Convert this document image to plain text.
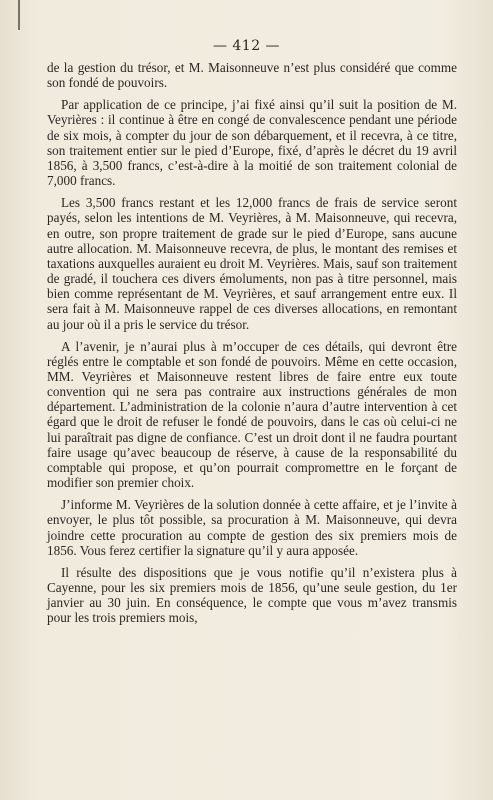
— 412 —

de la gestion du trésor, et M. Maisonneuve n’est plus considéré que comme son fondé de pouvoirs.

Par application de ce principe, j’ai fixé ainsi qu’il suit la position de M. Veyrières : il continue à être en congé de convalescence pendant une période de six mois, à compter du jour de son débarquement, et il recevra, à ce titre, son traitement entier sur le pied d’Europe, fixé, d’après le décret du 19 avril 1856, à 3,500 francs, c’est-à-dire à la moitié de son traitement colonial de 7,000 francs.

Les 3,500 francs restant et les 12,000 francs de frais de service seront payés, selon les intentions de M. Veyrières, à M. Maisonneuve, qui recevra, en outre, son propre traitement de grade sur le pied d’Europe, sans aucune autre allocation. M. Maisonneuve recevra, de plus, le montant des remises et taxations auxquelles auraient eu droit M. Veyrières. Mais, sauf son traitement de gradé, il touchera ces divers émoluments, non pas à titre personnel, mais bien comme représentant de M. Veyrières, et sauf arrangement entre eux. Il sera fait à M. Maisonneuve rappel de ces diverses allocations, en remontant au jour où il a pris le service du trésor.

A l’avenir, je n’aurai plus à m’occuper de ces détails, qui devront être réglés entre le comptable et son fondé de pouvoirs. Même en cette occasion, MM. Veyrières et Maisonneuve restent libres de faire entre eux toute convention qui ne sera pas contraire aux instructions générales de mon département. L’administration de la colonie n’aura d’autre intervention à cet égard que le droit de refuser le fondé de pouvoirs, dans le cas où celui-ci ne lui paraîtrait pas digne de confiance. C’est un droit dont il ne faudra pourtant faire usage qu’avec beaucoup de réserve, à cause de la responsabilité du comptable qui propose, et qu’on pourrait compromettre en le forçant de modifier son premier choix.

J’informe M. Veyrières de la solution donnée à cette affaire, et je l’invite à envoyer, le plus tôt possible, sa procuration à M. Maisonneuve, qui devra joindre cette procuration au compte de gestion des six premiers mois de 1856. Vous ferez certifier la signature qu’il y aura apposée.

Il résulte des dispositions que je vous notifie qu’il n’existera plus à Cayenne, pour les six premiers mois de 1856, qu’une seule gestion, du 1er janvier au 30 juin. En conséquence, le compte que vous m’avez transmis pour les trois premiers mois,
